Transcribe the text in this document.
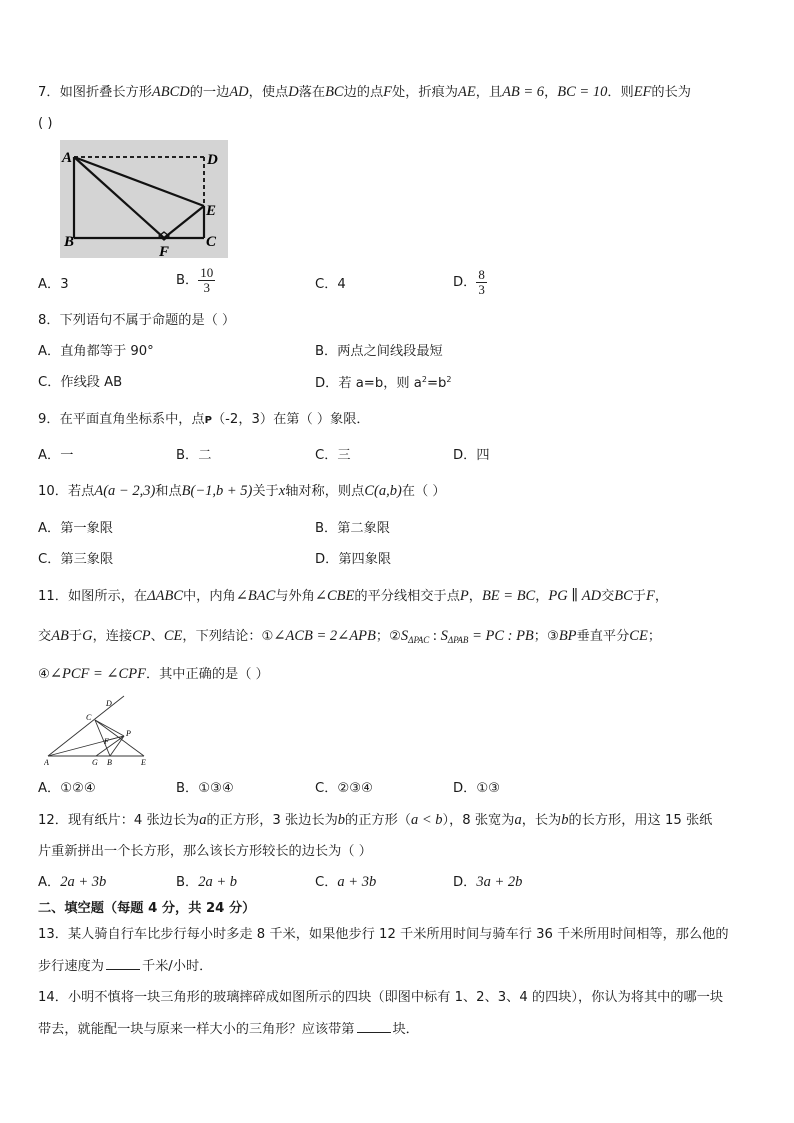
7．如图折叠长方形ABCD的一边AD，使点D落在BC边的点F处，折痕为AE，且AB = 6，BC = 10．则EF的长为
( )
A	D
E
B
F
C
A．3	B． $\frac{10}{3}$	C．4	D． $\frac{8}{3}$
8．下列语句不属于命题的是（ ）
A．直角都等于 90°	B．两点之间线段最短
C．作线段 AB	D．若 a=b，则 $a^2=b^2$
9．在平面直角坐标系中，点P（-2，3）在第（ ）象限．
A．一	B．二	C．三	D．四
10．若点A(a − 2,3)和点B(−1,b + 5)关于x轴对称，则点C(a,b)在（ ）
A．第一象限	B．第二象限
C．第三象限	D．第四象限
11．如图所示，在ΔABC中，内角∠BAC与外角∠CBE的平分线相交于点P，BE = BC，PG ∥ AD交BC于F，
交AB于G，连接CP、CE，下列结论：①∠ACB = 2∠APB；$②S_{\Delta PAC}$ : $S_{\Delta PAB}$ = PC : PB；③BP垂直平分CE；
④∠PCF = ∠CPF．其中正确的是（ ）
D
C
P
F
A	G B	E
A．①②④	B．①③④	C．②③④	D．①③
12．现有纸片：4 张边长为a的正方形，3 张边长为b的正方形（a < b），8 张宽为a，长为b的长方形，用这 15 张纸
片重新拼出一个长方形，那么该长方形较长的边长为（ ）
A．2a + 3b	B．2a + b	C．a + 3b	D．3a + 2b
二、填空题（每题 4 分，共 24 分）
13．某人骑自行车比步行每小时多走 8 千米，如果他步行 12 千米所用时间与骑车行 36 千米所用时间相等，那么他的
步行速度为	千米/小时．
14．小明不慎将一块三角形的玻璃摔碎成如图所示的四块（即图中标有 1、2、3、4 的四块），你认为将其中的哪一块
带去，就能配一块与原来一样大小的三角形？应该带第	块．
